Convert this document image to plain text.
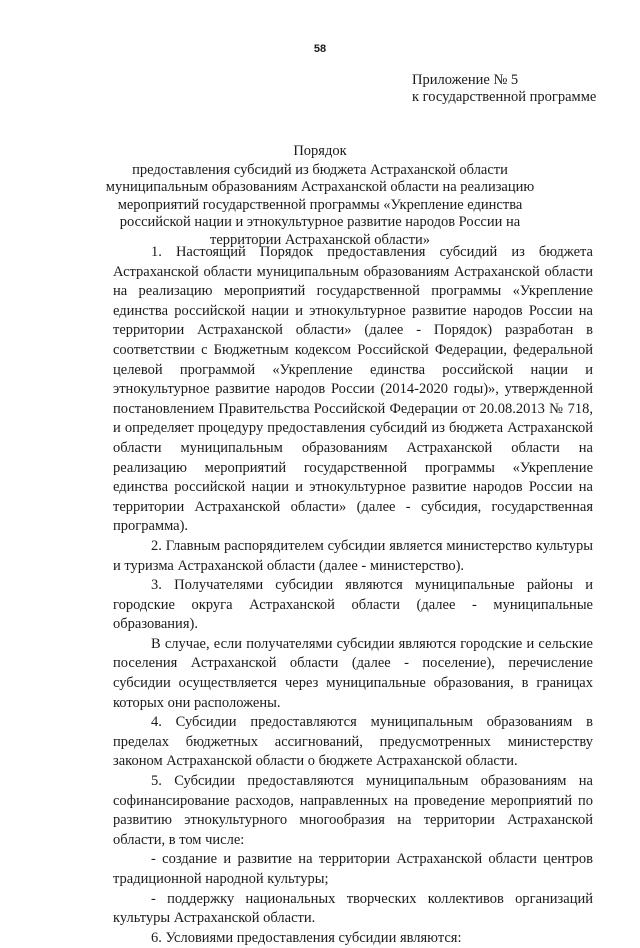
58
Приложение № 5
к государственной программе
Порядок
предоставления субсидий из бюджета Астраханской области муниципальным образованиям Астраханской области на реализацию мероприятий государственной программы «Укрепление единства российской нации и этнокультурное развитие народов России на территории Астраханской области»

1. Настоящий Порядок предоставления субсидий из бюджета Астраханской области муниципальным образованиям Астраханской области на реализацию мероприятий государственной программы «Укрепление единства российской нации и этнокультурное развитие народов России на территории Астраханской области» (далее - Порядок) разработан в соответствии с Бюджетным кодексом Российской Федерации, федеральной целевой программой «Укрепление единства российской нации и этнокультурное развитие народов России (2014-2020 годы)», утвержденной постановлением Правительства Российской Федерации от 20.08.2013 № 718, и определяет процедуру предоставления субсидий из бюджета Астраханской области муниципальным образованиям Астраханской области на реализацию мероприятий государственной программы «Укрепление единства российской нации и этнокультурное развитие народов России на территории Астраханской области» (далее - субсидия, государственная программа).

2. Главным распорядителем субсидии является министерство культуры и туризма Астраханской области (далее - министерство).

3. Получателями субсидии являются муниципальные районы и городские округа Астраханской области (далее - муниципальные образования).

В случае, если получателями субсидии являются городские и сельские поселения Астраханской области (далее - поселение), перечисление субсидии осуществляется через муниципальные образования, в границах которых они расположены.

4. Субсидии предоставляются муниципальным образованиям в пределах бюджетных ассигнований, предусмотренных министерству законом Астраханской области о бюджете Астраханской области.

5. Субсидии предоставляются муниципальным образованиям на софинансирование расходов, направленных на проведение мероприятий по развитию этнокультурного многообразия на территории Астраханской области, в том числе:

- создание и развитие на территории Астраханской области центров традиционной народной культуры;

- поддержку национальных творческих коллективов организаций культуры Астраханской области.

6. Условиями предоставления субсидии являются:
